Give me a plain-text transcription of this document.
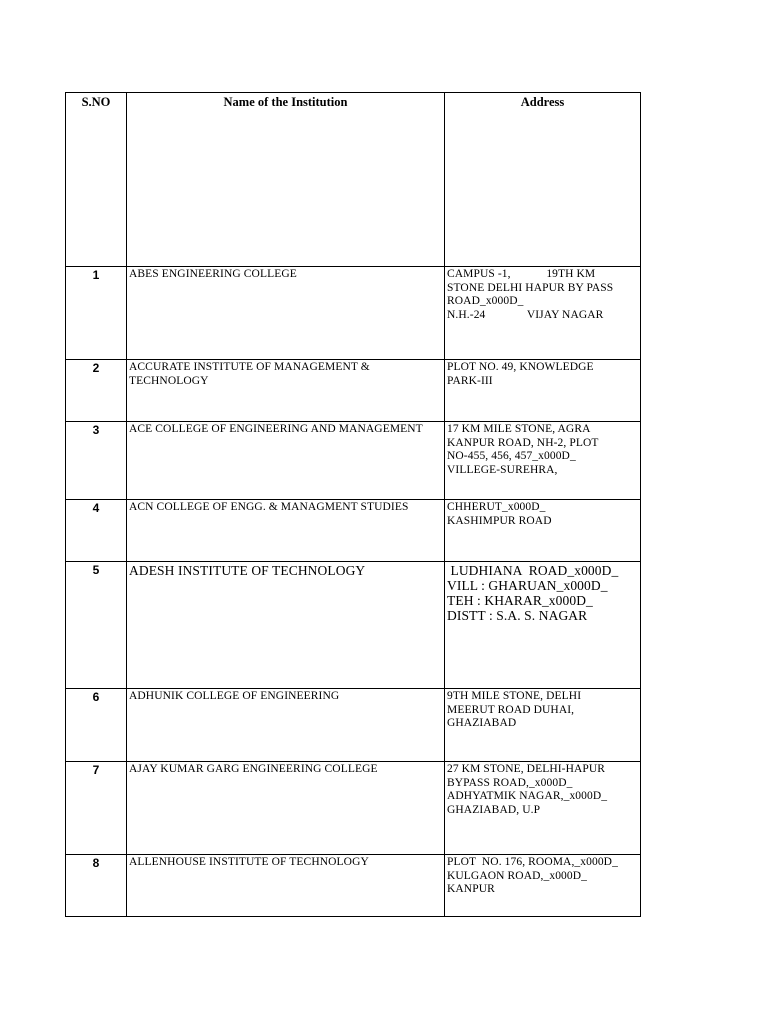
S.NO	Name of the Institution	Address
1	ABES ENGINEERING COLLEGE	CAMPUS -1,            19TH KM
STONE DELHI HAPUR BY PASS
ROAD_x000D_
N.H.-24              VIJAY NAGAR

2	ACCURATE INSTITUTE OF MANAGEMENT & TECHNOLOGY	PLOT NO. 49, KNOWLEDGE
PARK-III

3	ACE COLLEGE OF ENGINEERING AND MANAGEMENT	17 KM MILE STONE, AGRA
KANPUR ROAD, NH-2, PLOT
NO-455, 456, 457_x000D_
VILLEGE-SUREHRA,

4	ACN COLLEGE OF ENGG. & MANAGMENT STUDIES	CHHERUT_x000D_
KASHIMPUR ROAD

5	ADESH INSTITUTE OF TECHNOLOGY	LUDHIANA  ROAD_x000D_
VILL : GHARUAN_x000D_
TEH : KHARAR_x000D_
DISTT : S.A. S. NAGAR

6	ADHUNIK COLLEGE OF ENGINEERING	9TH MILE STONE, DELHI
MEERUT ROAD DUHAI,
GHAZIABAD

7	AJAY KUMAR GARG ENGINEERING COLLEGE	27 KM STONE, DELHI-HAPUR
BYPASS ROAD,_x000D_
ADHYATMIK NAGAR,_x000D_
GHAZIABAD, U.P

8	ALLENHOUSE INSTITUTE OF TECHNOLOGY	PLOT  NO. 176, ROOMA,_x000D_
KULGAON ROAD,_x000D_
KANPUR
